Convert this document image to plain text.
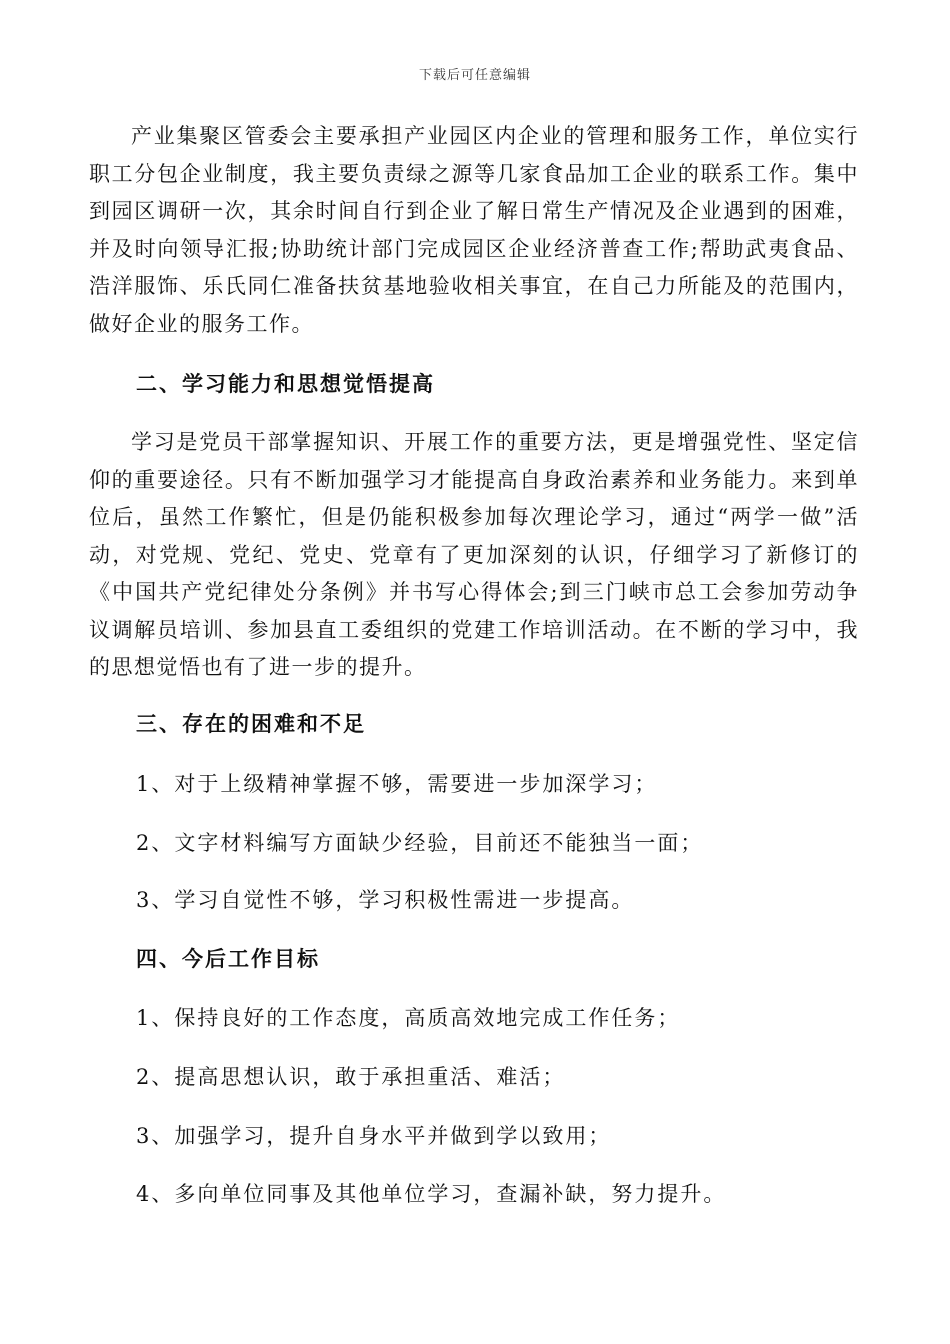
下载后可任意编辑

产业集聚区管委会主要承担产业园区内企业的管理和服务工作，单位实行职工分包企业制度，我主要负责绿之源等几家食品加工企业的联系工作。集中到园区调研一次，其余时间自行到企业了解日常生产情况及企业遇到的困难，并及时向领导汇报;协助统计部门完成园区企业经济普查工作;帮助武夷食品、浩洋服饰、乐氏同仁准备扶贫基地验收相关事宜，在自己力所能及的范围内，做好企业的服务工作。

二、学习能力和思想觉悟提高

学习是党员干部掌握知识、开展工作的重要方法，更是增强党性、坚定信仰的重要途径。只有不断加强学习才能提高自身政治素养和业务能力。来到单位后，虽然工作繁忙，但是仍能积极参加每次理论学习，通过“两学一做”活动，对党规、党纪、党史、党章有了更加深刻的认识，仔细学习了新修订的《中国共产党纪律处分条例》并书写心得体会;到三门峡市总工会参加劳动争议调解员培训、参加县直工委组织的党建工作培训活动。在不断的学习中，我的思想觉悟也有了进一步的提升。

三、存在的困难和不足

1、对于上级精神掌握不够，需要进一步加深学习；

2、文字材料编写方面缺少经验，目前还不能独当一面；

3、学习自觉性不够，学习积极性需进一步提高。

四、今后工作目标

1、保持良好的工作态度，高质高效地完成工作任务；

2、提高思想认识，敢于承担重活、难活；

3、加强学习，提升自身水平并做到学以致用；

4、多向单位同事及其他单位学习，查漏补缺，努力提升。
